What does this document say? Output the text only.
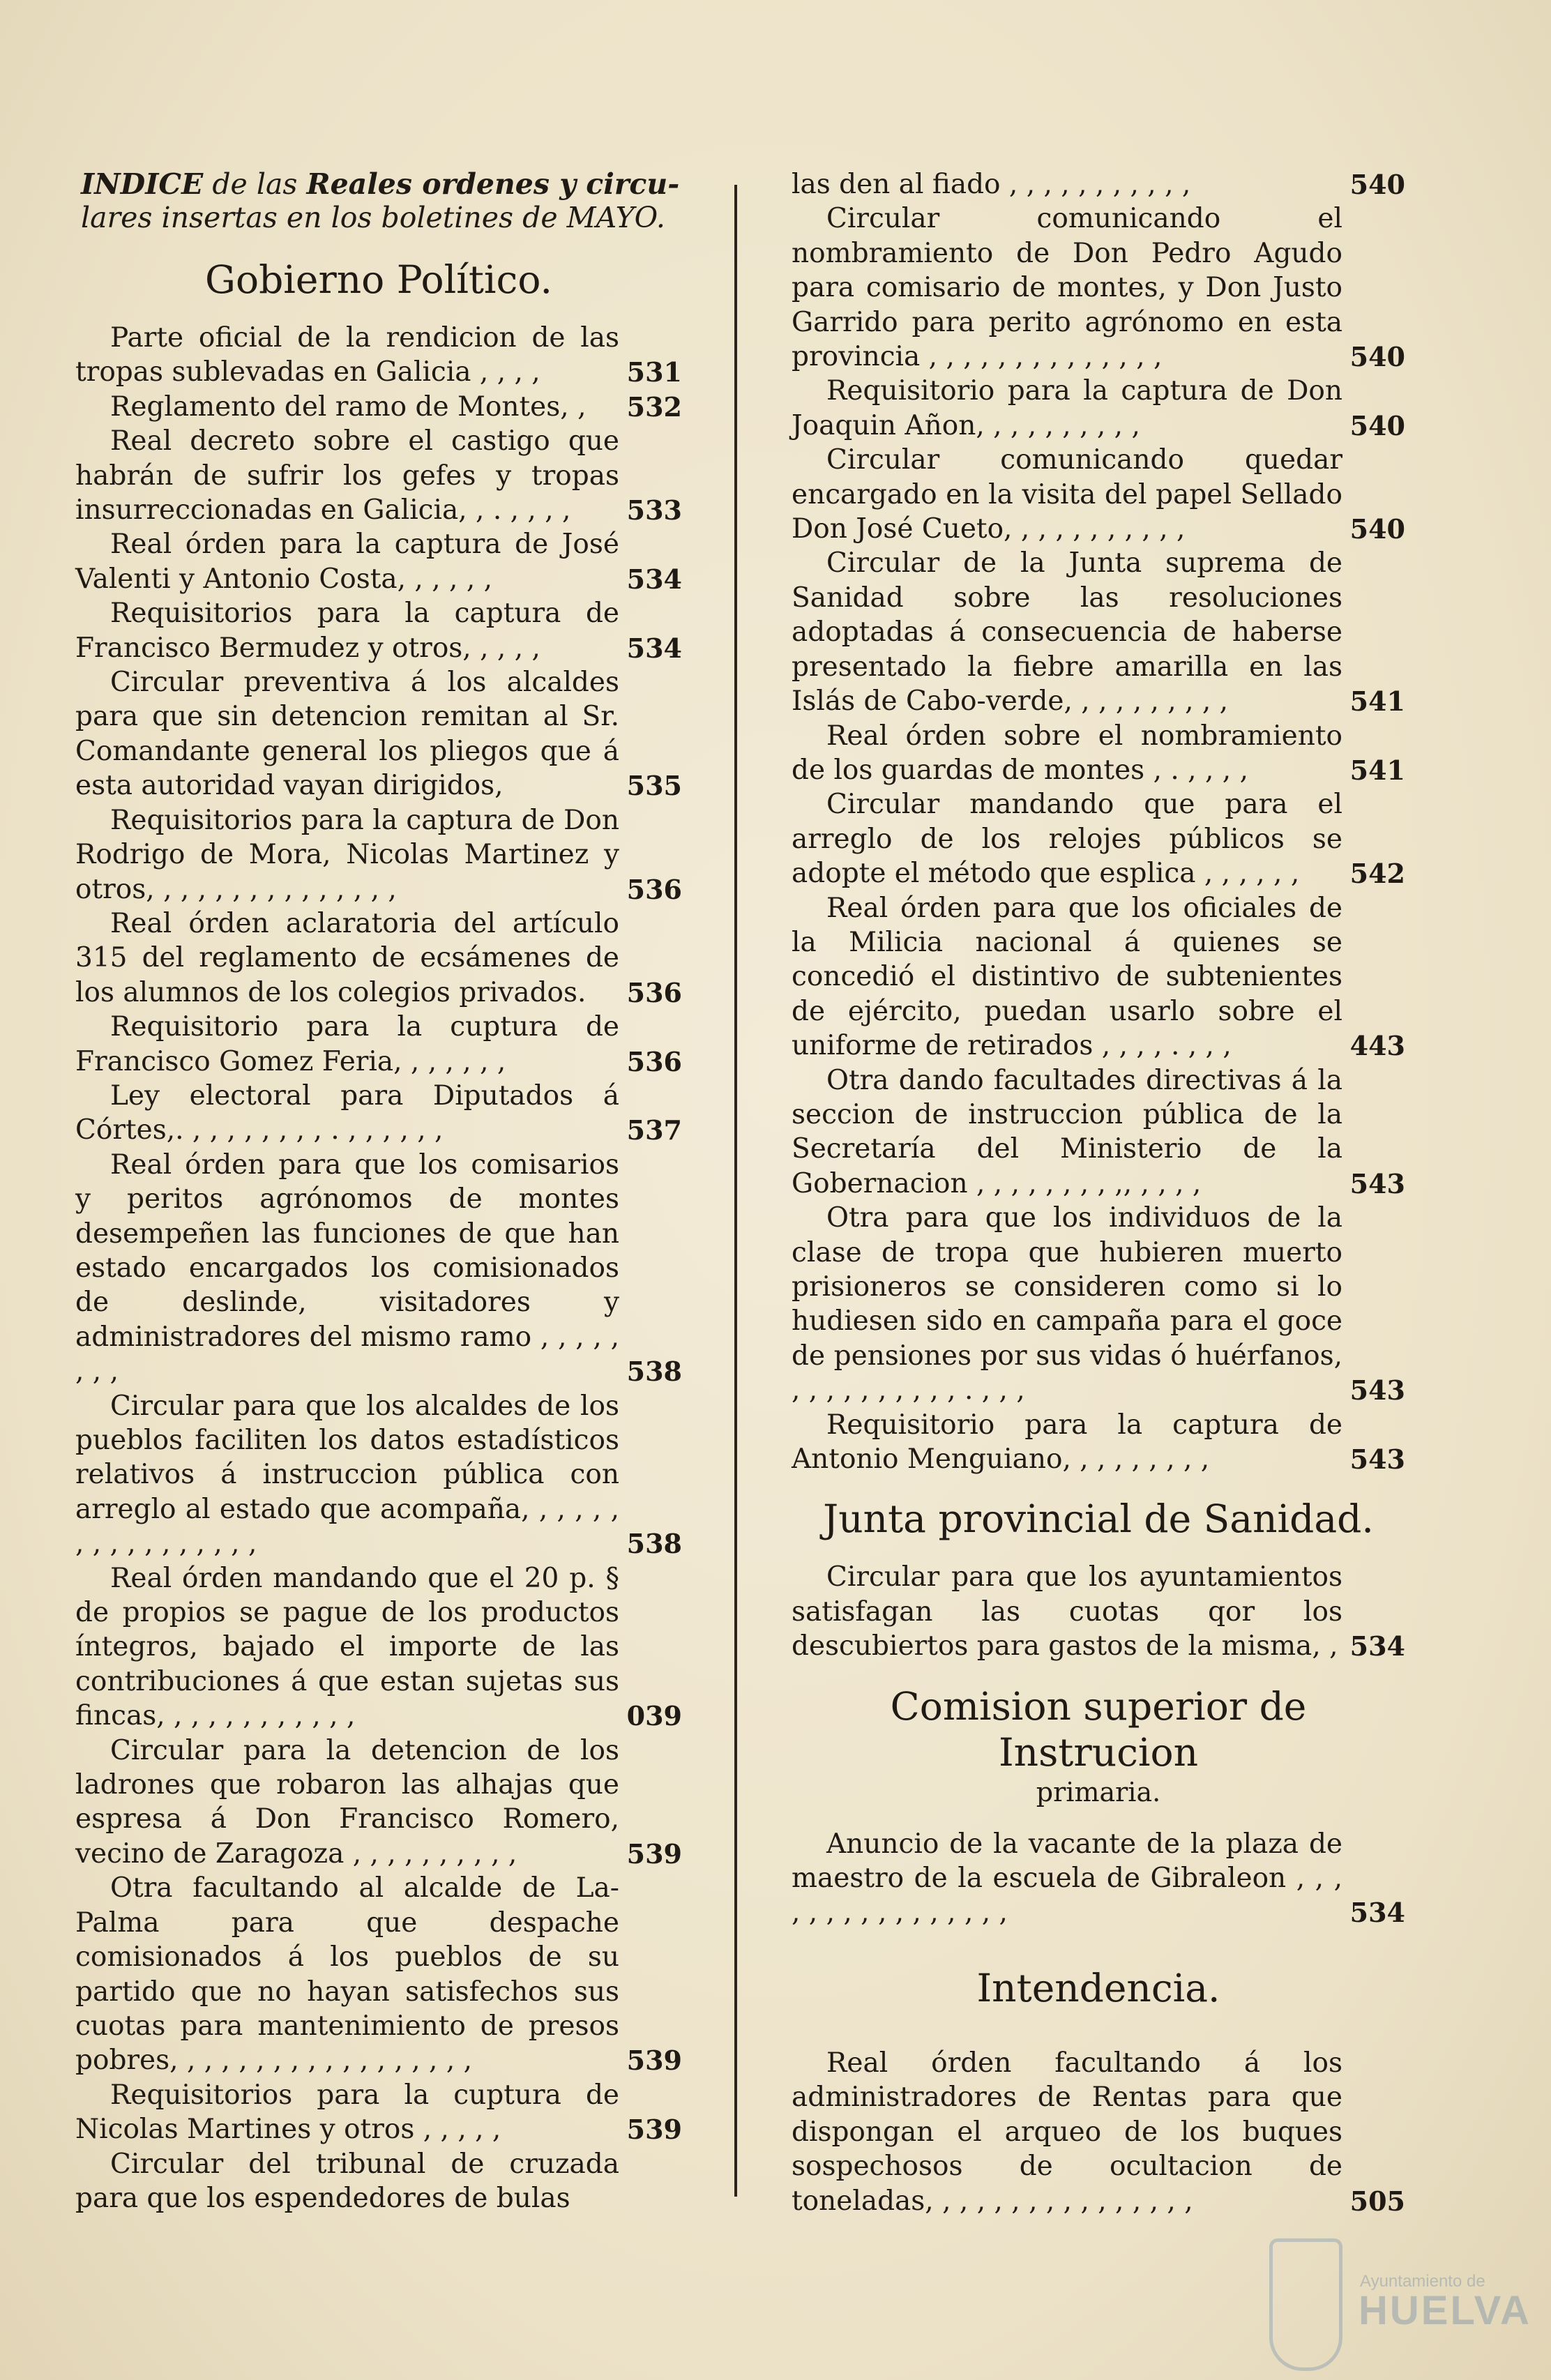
INDICE de las Reales ordenes y circu-
lares insertas en los boletines de MAYO.
Gobierno Político.
Parte oficial de la rendicion de las tropas sublevadas en Galicia , , , ,	531
Reglamento del ramo de Montes, ,	532
Real decreto sobre el castigo que habrán de sufrir los gefes y tropas insurreccionadas en Galicia, , . , , , ,	533
Real órden para la captura de José Valenti y Antonio Costa, , , , , ,	534
Requisitorios para la captura de Francisco Bermudez y otros, , , , ,	534
Circular preventiva á los alcaldes para que sin detencion remitan al Sr. Comandante general los pliegos que á esta autoridad vayan dirigidos,	535
Requisitorios para la captura de Don Rodrigo de Mora, Nicolas Martinez y otros, , , , , , , , , , , , , , ,	536
Real órden aclaratoria del artículo 315 del reglamento de ecsámenes de los alumnos de los colegios privados.	536
Requisitorio para la cuptura de Francisco Gomez Feria, , , , , , ,	536
Ley electoral para Diputados á Córtes,. , , , , , , , , . , , , , , ,	537
Real órden para que los comisarios y peritos agrónomos de montes desempeñen las funciones de que han estado encargados los comisionados de deslinde, visitadores y administradores del mismo ramo , , , , , , , ,	538
Circular para que los alcaldes de los pueblos faciliten los datos estadísticos relativos á instruccion pública con arreglo al estado que acompaña, , , , , , , , , , , , , , , , ,	538
Real órden mandando que el 20 p. § de propios se pague de los productos íntegros, bajado el importe de las contribuciones á que estan sujetas sus fincas, , , , , , , , , , , ,	039
Circular para la detencion de los ladrones que robaron las alhajas que espresa á Don Francisco Romero, vecino de Zaragoza , , , , , , , , , ,	539
Otra facultando al alcalde de La-Palma para que despache comisionados á los pueblos de su partido que no hayan satisfechos sus cuotas para mantenimiento de presos pobres, , , , , , , , , , , , , , , , , ,	539
Requisitorios para la cuptura de Nicolas Martines y otros , , , , ,	539
Circular del tribunal de cruzada para que los espendedores de bulas
las den al fiado , , , , , , , , , , ,	540
Circular comunicando el nombramiento de Don Pedro Agudo para comisario de montes, y Don Justo Garrido para perito agrónomo en esta provincia , , , , , , , , , , , , , ,	540
Requisitorio para la captura de Don Joaquin Añon, , , , , , , , , ,	540
Circular comunicando quedar encargado en la visita del papel Sellado Don José Cueto, , , , , , , , , , ,	540
Circular de la Junta suprema de Sanidad sobre las resoluciones adoptadas á consecuencia de haberse presentado la fiebre amarilla en las Islás de Cabo-verde, , , , , , , , , ,	541
Real órden sobre el nombramiento de los guardas de montes , . , , , ,	541
Circular mandando que para el arreglo de los relojes públicos se adopte el método que esplica , , , , , ,	542
Real órden para que los oficiales de la Milicia nacional á quienes se concedió el distintivo de subtenientes de ejército, puedan usarlo sobre el uniforme de retirados , , , , . , , ,	443
Otra dando facultades directivas á la seccion de instruccion pública de la Secretaría del Ministerio de la Gobernacion , , , , , , , , ,, , , , ,	543
Otra para que los individuos de la clase de tropa que hubieren muerto prisioneros se consideren como si lo hudiesen sido en campaña para el goce de pensiones por sus vidas ó huérfanos, , , , , , , , , , , . , , ,	543
Requisitorio para la captura de Antonio Menguiano, , , , , , , , ,	543
Junta provincial de Sanidad.
Circular para que los ayuntamientos satisfagan las cuotas qor los descubiertos para gastos de la misma, , 534
Comision superior de Instrucion
primaria.
Anuncio de la vacante de la plaza de maestro de la escuela de Gibraleon , , , , , , , , , , , , , , , ,	534
Intendencia.
Real órden facultando á los administradores de Rentas para que dispongan el arqueo de los buques sospechosos de ocultacion de toneladas, , , , , , , , , , , , , , , ,	505
Ayuntamiento de
HUELVA
